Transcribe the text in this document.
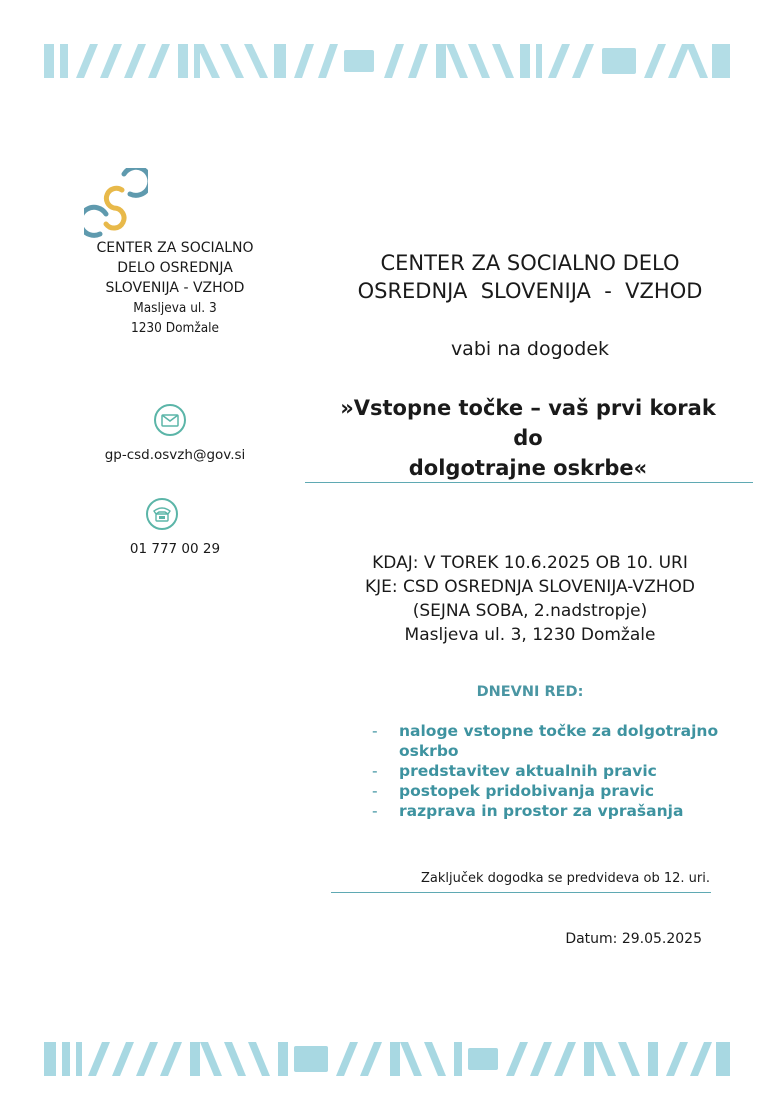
CENTER ZA SOCIALNO
DELO OSREDNJA
SLOVENIJA - VZHOD
Masljeva ul. 3
1230 Domžale
gp-csd.osvzh@gov.si
01 777 00 29
CENTER ZA SOCIALNO DELO
OSREDNJA  SLOVENIJA  -  VZHOD
vabi na dogodek
»Vstopne točke – vaš prvi korak do
dolgotrajne oskrbe«
KDAJ: V TOREK 10.6.2025 OB 10. URI
KJE: CSD OSREDNJA SLOVENIJA-VZHOD
(SEJNA SOBA, 2.nadstropje)
Masljeva ul. 3, 1230 Domžale
DNEVNI RED:
- naloge vstopne točke za dolgotrajno oskrbo
- predstavitev aktualnih pravic
- postopek pridobivanja pravic
- razprava in prostor za vprašanja
Zaključek dogodka se predvideva ob 12. uri.
Datum: 29.05.2025
